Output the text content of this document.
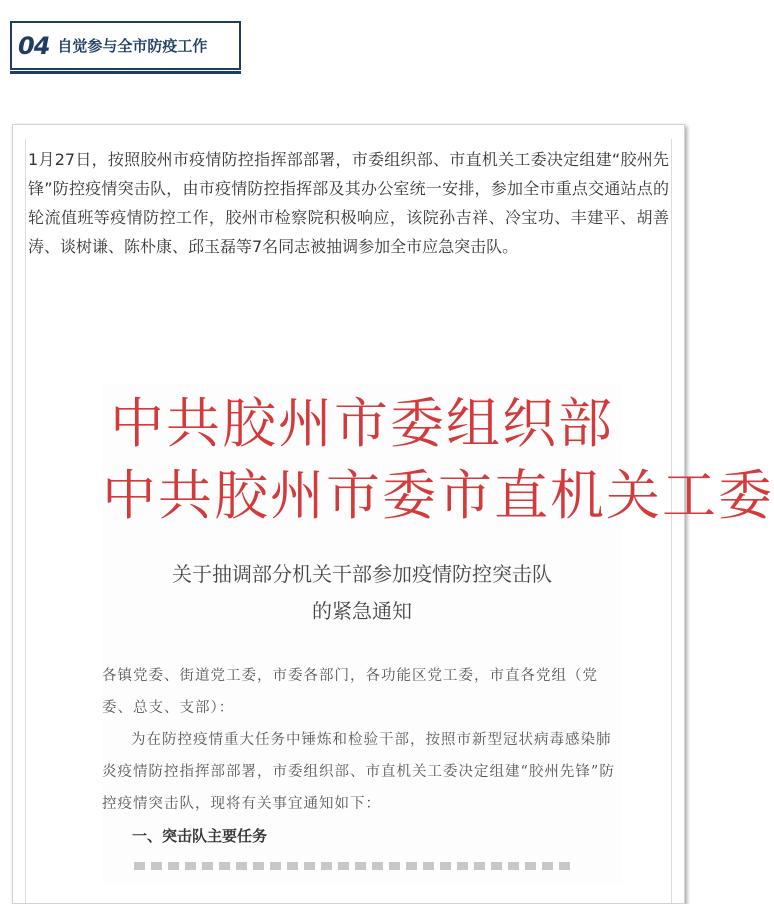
04 自觉参与全市防疫工作

1月27日，按照胶州市疫情防控指挥部部署，市委组织部、市直机关工委决定组建“胶州先锋”防控疫情突击队，由市疫情防控指挥部及其办公室统一安排，参加全市重点交通站点的轮流值班等疫情防控工作，胶州市检察院积极响应，该院孙吉祥、冷宝功、丰建平、胡善涛、谈树谦、陈朴康、邱玉磊等7名同志被抽调参加全市应急突击队。

中共胶州市委组织部

中共胶州市委市直机关工委

关于抽调部分机关干部参加疫情防控突击队

的紧急通知

各镇党委、街道党工委，市委各部门，各功能区党工委，市直各党组（党委、总支、支部）：

为在防控疫情重大任务中锤炼和检验干部，按照市新型冠状病毒感染肺炎疫情防控指挥部部署，市委组织部、市直机关工委决定组建“胶州先锋”防控疫情突击队，现将有关事宜通知如下：

一、突击队主要任务
